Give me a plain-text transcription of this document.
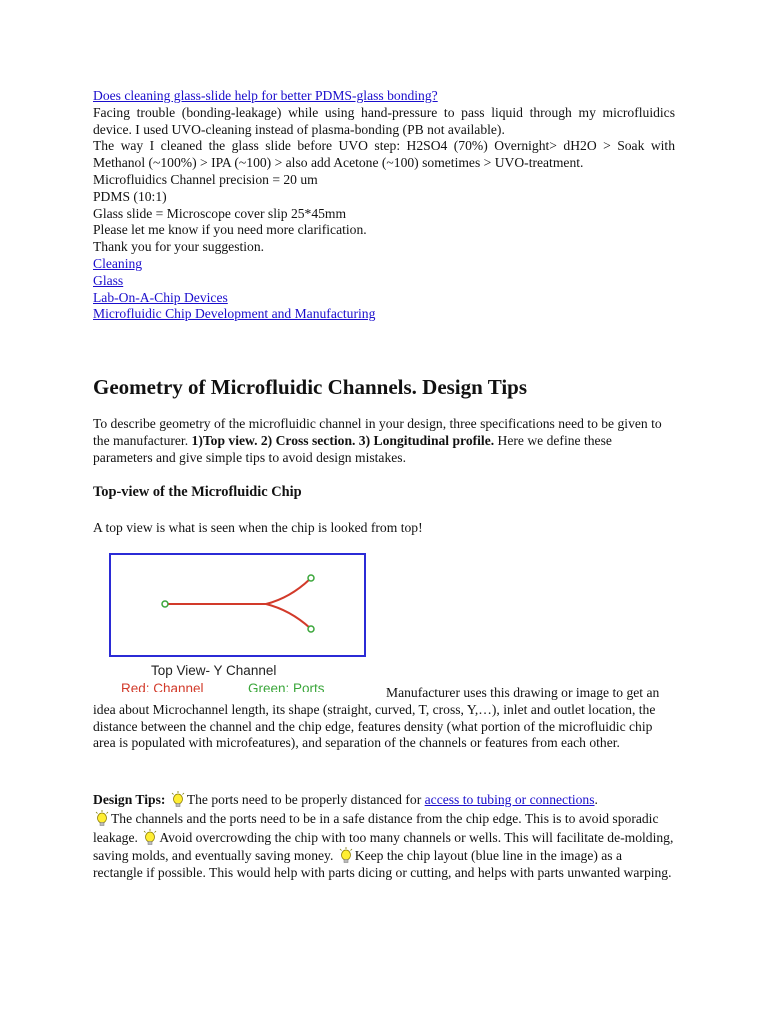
Does cleaning glass-slide help for better PDMS-glass bonding?
Facing trouble (bonding-leakage) while using hand-pressure to pass liquid through my microfluidics device. I used UVO-cleaning instead of plasma-bonding (PB not available).
The way I cleaned the glass slide before UVO step: H2SO4 (70%) Overnight> dH2O > Soak with Methanol (~100%) > IPA (~100) > also add Acetone (~100) sometimes > UVO-treatment.
Microfluidics Channel precision = 20 um
PDMS (10:1)
Glass slide = Microscope cover slip 25*45mm
Please let me know if you need more clarification.
Thank you for your suggestion.
Cleaning
Glass
Lab-On-A-Chip Devices
Microfluidic Chip Development and Manufacturing
Geometry of Microfluidic Channels. Design Tips
To describe geometry of the microfluidic channel in your design, three specifications need to be given to the manufacturer. 1)Top view. 2) Cross section. 3) Longitudinal profile. Here we define these parameters and give simple tips to avoid design mistakes.
Top-view of the Microfluidic Chip
A top view is what is seen when the chip is looked from top!
Top View- Y Channel
Red: Channel	Green: Ports	Manufacturer uses this drawing or image to get an idea about Microchannel length, its shape (straight, curved, T, cross, Y,…), inlet and outlet location, the distance between the channel and the chip edge, features density (what portion of the microfluidic chip area is populated with microfeatures), and separation of the channels or features from each other.
Design Tips: The ports need to be properly distanced for access to tubing or connections.
The channels and the ports need to be in a safe distance from the chip edge. This is to avoid sporadic leakage. Avoid overcrowding the chip with too many channels or wells. This will facilitate de-molding, saving molds, and eventually saving money. Keep the chip layout (blue line in the image) as a rectangle if possible. This would help with parts dicing or cutting, and helps with parts unwanted warping.
